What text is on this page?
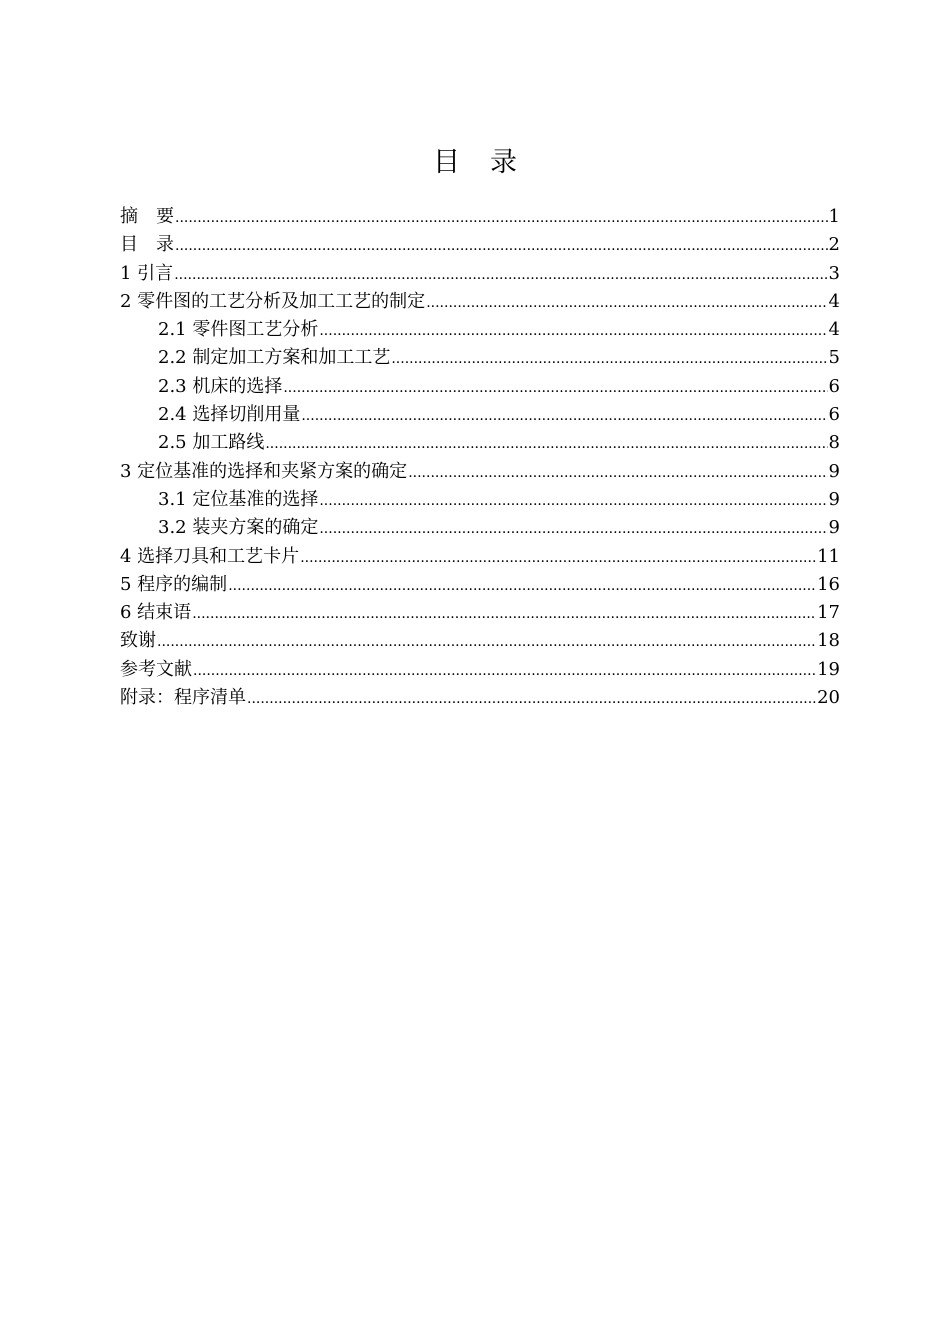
目 录
摘　要 .....	1
目　录 .....	2
1 引言 .....	3
2 零件图的工艺分析及加工工艺的制定 .....	4
2.1 零件图工艺分析 .....	4
2.2 制定加工方案和加工工艺 .....	5
2.3 机床的选择 .....	6
2.4 选择切削用量 .....	6
2.5 加工路线 .....	8
3 定位基准的选择和夹紧方案的确定 .....	9
3.1 定位基准的选择 .....	9
3.2 装夹方案的确定 .....	9
4 选择刀具和工艺卡片 .....	11
5 程序的编制 .....	16
6 结束语 .....	17
致谢 .....	18
参考文献 .....	19
附录：程序清单 .....	20
